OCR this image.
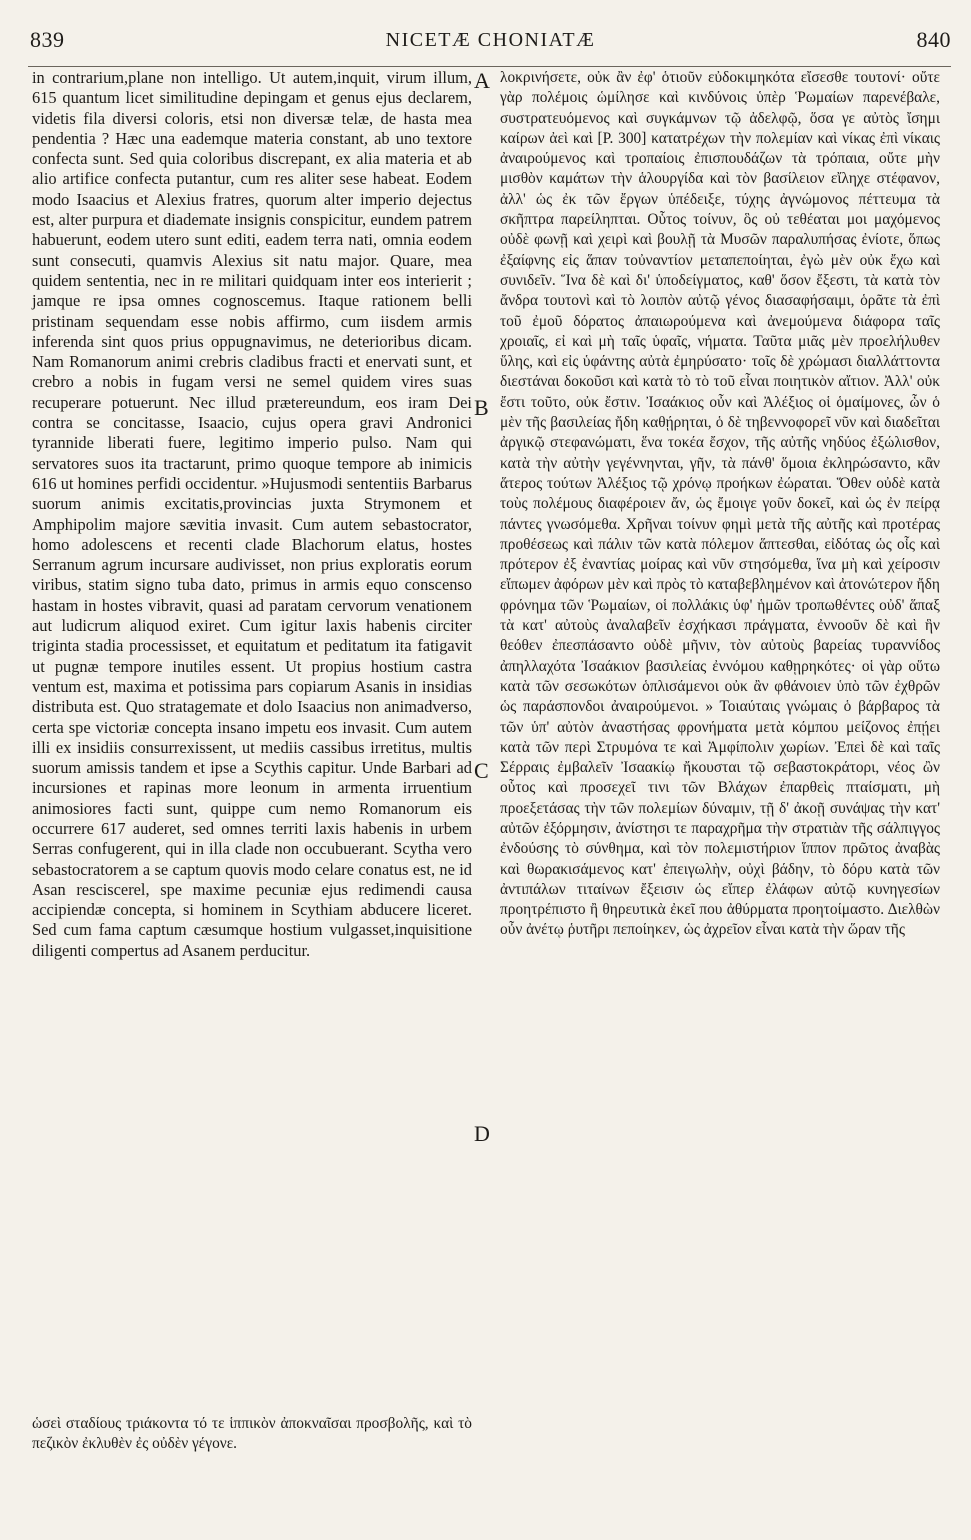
839	NICETÆ CHONIATÆ	840

in contrarium,plane non intelligo. Ut autem,inquit, virum illum, 615 quantum licet similitudine depingam et genus ejus declarem, videtis fila diversi coloris, etsi non diversæ telæ, de hasta mea pendentia ? Hæc una eademque materia constant, ab uno textore confecta sunt. Sed quia coloribus discrepant, ex alia materia et ab alio artifice confecta putantur, cum res aliter sese habeat. Eodem modo Isaacius et Alexius fratres, quorum alter imperio dejectus est, alter purpura et diademate insignis conspicitur, eundem patrem habuerunt, eodem utero sunt editi, eadem terra nati, omnia eodem sunt consecuti, quamvis Alexius sit natu major. Quare, mea quidem sententia, nec in re militari quidquam inter eos interierit ; jamque re ipsa omnes cognoscemus. Itaque rationem belli pristinam sequendam esse nobis affirmo, cum iisdem armis inferenda sint quos prius oppugnavimus, ne deterioribus dicam. Nam Romanorum animi crebris cladibus fracti et enervati sunt, et crebro a nobis in fugam versi ne semel quidem vires suas recuperare potuerunt. Nec illud prætereundum, eos iram Dei contra se concitasse, Isaacio, cujus opera gravi Andronici tyrannide liberati fuere, legitimo imperio pulso. Nam qui servatores suos ita tractarunt, primo quoque tempore ab inimicis 616 ut homines perfidi occidentur. »Hujusmodi sententiis Barbarus suorum animis excitatis,provincias juxta Strymonem et Amphipolim majore sævitia invasit. Cum autem sebastocrator, homo adolescens et recenti clade Blachorum elatus, hostes Serranum agrum incursare audivisset, non prius exploratis eorum viribus, statim signo tuba dato, primus in armis equo conscenso hastam in hostes vibravit, quasi ad paratam cervorum venationem aut ludicrum aliquod exiret. Cum igitur laxis habenis circiter triginta stadia processisset, et equitatum et peditatum ita fatigavit ut pugnæ tempore inutiles essent. Ut propius hostium castra ventum est, maxima et potissima pars copiarum Asanis in insidias distributa est. Quo stratagemate et dolo Isaacius non animadverso, certa spe victoriæ concepta insano impetu eos invasit. Cum autem illi ex insidiis consurrexissent, ut mediis cassibus irretitus, multis suorum amissis tandem et ipse a Scythis capitur. Unde Barbari ad incursiones et rapinas more leonum in armenta irruentium animosiores facti sunt, quippe cum nemo Romanorum eis occurrere 617 auderet, sed omnes territi laxis habenis in urbem Serras confugerent, qui in illa clade non occubuerant. Scytha vero sebastocratorem a se captum quovis modo celare conatus est, ne id Asan resciscerel, spe maxime pecuniæ ejus redimendi causa accipiendæ concepta, si hominem in Scythiam abducere liceret. Sed cum fama captum cæsumque hostium vulgasset,inquisitione diligenti compertus ad Asanem perducitur.

A
B
C
D

λοκρινήσετε, οὐκ ἂν ἐφ' ὁτιοῦν εὐδοκιμηκότα εἴσεσθε τουτονί· οὔτε γὰρ πολέμοις ὡμίλησε καὶ κινδύνοις ὑπὲρ Ῥωμαίων παρενέβαλε, συστρατευόμενος καὶ συγκάμνων τῷ ἀδελφῷ, ὅσα γε αὐτὸς ἴσημι καίρων ἀεὶ καὶ [P. 300] κατατρέχων τὴν πολεμίαν καὶ νίκας ἐπὶ νίκαις ἀναιρούμενος καὶ τροπαίοις ἐπισπουδάζων τὰ τρόπαια, οὔτε μὴν μισθὸν καμάτων τὴν ἁλουργίδα καὶ τὸν βασίλειον εἴληχε στέφανον, ἀλλ' ὡς ἐκ τῶν ἔργων ὑπέδειξε, τύχης ἀγνώμονος πέττευμα τὰ σκῆπτρα παρείληπται. Οὗτος τοίνυν, ὃς οὐ τεθέαται μοι μαχόμενος οὐδὲ φωνῇ καὶ χειρὶ καὶ βουλῇ τὰ Μυσῶν παραλυπήσας ἐνίοτε, ὅπως ἐξαίφνης εἰς ἅπαν τοὐναντίον μεταπεποίηται, ἐγὼ μὲν οὐκ ἔχω καὶ συνιδεῖν. Ἵνα δὲ καὶ δι' ὑποδείγματος, καθ' ὅσον ἔξεστι, τὰ κατὰ τὸν ἄνδρα τουτονὶ καὶ τὸ λοιπὸν αὐτῷ γένος διασαφήσαιμι, ὁρᾶτε τὰ ἐπὶ τοῦ ἐμοῦ δόρατος ἀπαιωρούμενα καὶ ἀνεμούμενα διάφορα ταῖς χροιαῖς, εἰ καὶ μὴ ταῖς ὑφαῖς, νήματα. Ταῦτα μιᾶς μὲν προελήλυθεν ὕλης, καὶ εἰς ὑφάντης αὐτὰ ἐμηρύσατο· τοῖς δὲ χρώμασι διαλλάττοντα διεστάναι δοκοῦσι καὶ κατὰ τὸ τὸ τοῦ εἶναι ποιητικὸν αἴτιον. Ἀλλ' οὐκ ἔστι τοῦτο, οὐκ ἔστιν. Ἰσαάκιος οὖν καὶ Ἀλέξιος οἱ ὁμαίμονες, ὧν ὁ μὲν τῆς βασιλείας ἤδη καθῄρηται, ὁ δὲ τηβεννοφορεῖ νῦν καὶ διαδεῖται ἀργικῷ στεφανώματι, ἕνα τοκέα ἔσχον, τῆς αὐτῆς νηδύος ἐξώλισθον, κατὰ τὴν αὐτὴν γεγέννηνται, γῆν, τὰ πάνθ' ὅμοια ἐκληρώσαντο, κἂν ἅτερος τούτων Ἀλέξιος τῷ χρόνῳ προήκων ἐώραται. Ὅθεν οὐδὲ κατὰ τοὺς πολέμους διαφέροιεν ἄν, ὡς ἔμοιγε γοῦν δοκεῖ, καὶ ὡς ἐν πείρᾳ πάντες γνωσόμεθα. Χρῆναι τοίνυν φημὶ μετὰ τῆς αὐτῆς καὶ προτέρας προθέσεως καὶ πάλιν τῶν κατὰ πόλεμον ἅπτεσθαι, εἰδότας ὡς οἷς καὶ πρότερον ἐξ ἐναντίας μοίρας καὶ νῦν στησόμεθα, ἵνα μὴ καὶ χείροσιν εἴπωμεν ἀφόρων μὲν καὶ πρὸς τὸ καταβεβλημένον καὶ ἀτονώτερον ἤδη φρόνημα τῶν Ῥωμαίων, οἱ πολλάκις ὑφ' ἡμῶν τροπωθέντες οὐδ' ἅπαξ τὰ κατ' αὐτοὺς ἀναλαβεῖν ἐσχήκασι πράγματα, ἐννοοῦν δὲ καὶ ἣν θεόθεν ἐπεσπάσαντο οὐδὲ μῆνιν, τὸν αὐτοὺς βαρείας τυραννίδος ἀπηλλαχότα Ἰσαάκιον βασιλείας ἐννόμου καθῃρηκότες· οἱ γὰρ οὕτω κατὰ τῶν σεσωκότων ὁπλισάμενοι οὐκ ἂν φθάνοιεν ὑπὸ τῶν ἐχθρῶν ὡς παράσπονδοι ἀναιρούμενοι. » Τοιαύταις γνώμαις ὁ βάρβαρος τὰ τῶν ὑπ' αὐτὸν ἀναστήσας φρονήματα μετὰ κόμπου μείζονος ἐπῄει κατὰ τῶν περὶ Στρυμόνα τε καὶ Ἀμφίπολιν χωρίων. Ἐπεὶ δὲ καὶ ταῖς Σέρραις ἐμβαλεῖν Ἰσαακίῳ ἤκουσται τῷ σεβαστοκράτορι, νέος ὢν οὗτος καὶ προσεχεῖ τινι τῶν Βλάχων ἐπαρθεὶς πταίσματι, μὴ προεξετάσας τὴν τῶν πολεμίων δύναμιν, τῇ δ' ἀκοῇ συνάψας τὴν κατ' αὐτῶν ἐξόρμησιν, ἀνίστησι τε παραχρῆμα τὴν στρατιὰν τῆς σάλπιγγος ἐνδούσης τὸ σύνθημα, καὶ τὸν πολεμιστήριον ἵππον πρῶτος ἀναβὰς καὶ θωρακισάμενος κατ' ἐπειγωλὴν, οὐχὶ βάδην, τὸ δόρυ κατὰ τῶν ἀντιπάλων τιταίνων ἔξεισιν ὡς εἴπερ ἐλάφων αὐτῷ κυνηγεσίων προητρέπιστο ἢ θηρευτικὰ ἐκεῖ που ἀθύρματα προητοίμαστο. Διελθὼν οὖν ἀνέτῳ ῥυτῆρι πεποίηκεν, ὡς ἀχρεῖον εἶναι κατὰ τὴν ὥραν τῆς

ὡσεὶ σταδίους τριάκοντα τό τε ἱππικὸν ἀποκναῖσαι προσβολῆς, καὶ τὸ πεζικὸν ἐκλυθὲν ἐς οὐδὲν γέγονε.
